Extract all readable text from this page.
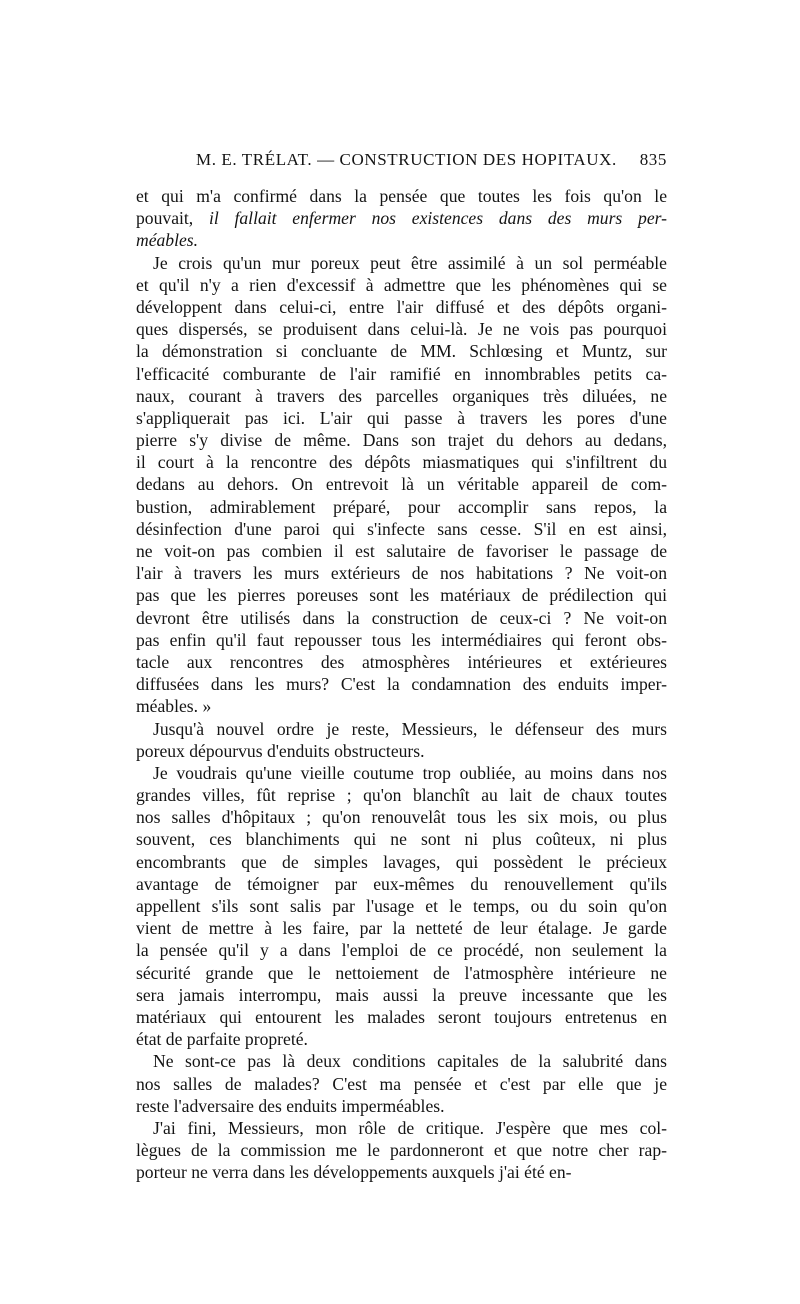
M. E. TRÉLAT. — CONSTRUCTION DES HOPITAUX. 835
et qui m'a confirmé dans la pensée que toutes les fois qu'on le
pouvait, il fallait enfermer nos existences dans des murs per-
méables.
Je crois qu'un mur poreux peut être assimilé à un sol perméable
et qu'il n'y a rien d'excessif à admettre que les phénomènes qui se
développent dans celui-ci, entre l'air diffusé et des dépôts organi-
ques dispersés, se produisent dans celui-là. Je ne vois pas pourquoi
la démonstration si concluante de MM. Schlœsing et Muntz, sur
l'efficacité comburante de l'air ramifié en innombrables petits ca-
naux, courant à travers des parcelles organiques très diluées, ne
s'appliquerait pas ici. L'air qui passe à travers les pores d'une
pierre s'y divise de même. Dans son trajet du dehors au dedans,
il court à la rencontre des dépôts miasmatiques qui s'infiltrent du
dedans au dehors. On entrevoit là un véritable appareil de com-
bustion, admirablement préparé, pour accomplir sans repos, la
désinfection d'une paroi qui s'infecte sans cesse. S'il en est ainsi,
ne voit-on pas combien il est salutaire de favoriser le passage de
l'air à travers les murs extérieurs de nos habitations ? Ne voit-on
pas que les pierres poreuses sont les matériaux de prédilection qui
devront être utilisés dans la construction de ceux-ci ? Ne voit-on
pas enfin qu'il faut repousser tous les intermédiaires qui feront obs-
tacle aux rencontres des atmosphères intérieures et extérieures
diffusées dans les murs? C'est la condamnation des enduits imper-
méables. »
Jusqu'à nouvel ordre je reste, Messieurs, le défenseur des murs
poreux dépourvus d'enduits obstructeurs.
Je voudrais qu'une vieille coutume trop oubliée, au moins dans nos
grandes villes, fût reprise ; qu'on blanchît au lait de chaux toutes
nos salles d'hôpitaux ; qu'on renouvelât tous les six mois, ou plus
souvent, ces blanchiments qui ne sont ni plus coûteux, ni plus
encombrants que de simples lavages, qui possèdent le précieux
avantage de témoigner par eux-mêmes du renouvellement qu'ils
appellent s'ils sont salis par l'usage et le temps, ou du soin qu'on
vient de mettre à les faire, par la netteté de leur étalage. Je garde
la pensée qu'il y a dans l'emploi de ce procédé, non seulement la
sécurité grande que le nettoiement de l'atmosphère intérieure ne
sera jamais interrompu, mais aussi la preuve incessante que les
matériaux qui entourent les malades seront toujours entretenus en
état de parfaite propreté.
Ne sont-ce pas là deux conditions capitales de la salubrité dans
nos salles de malades? C'est ma pensée et c'est par elle que je
reste l'adversaire des enduits imperméables.
J'ai fini, Messieurs, mon rôle de critique. J'espère que mes col-
lègues de la commission me le pardonneront et que notre cher rap-
porteur ne verra dans les développements auxquels j'ai été en-
